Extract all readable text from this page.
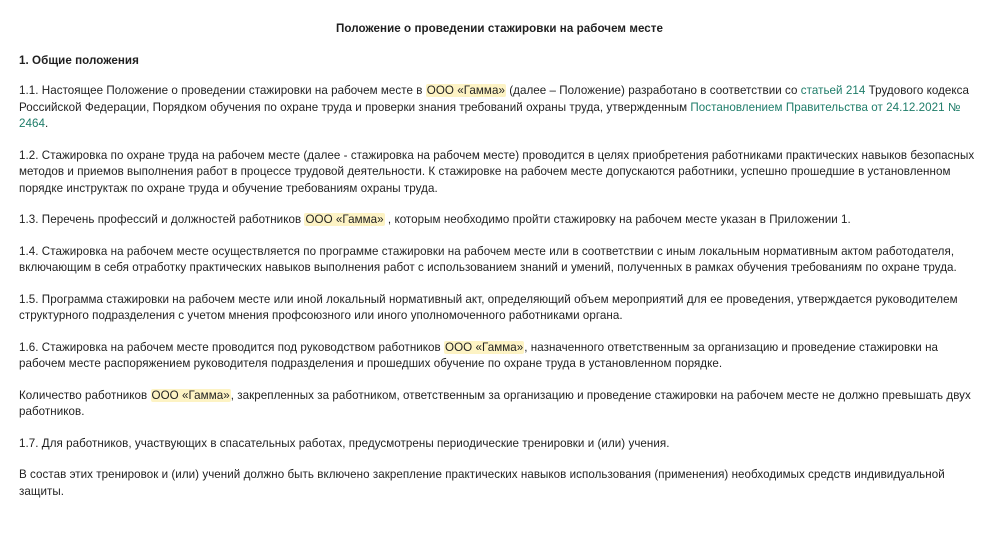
Положение о проведении стажировки на рабочем месте
1. Общие положения
1.1. Настоящее Положение о проведении стажировки на рабочем месте в ООО «Гамма» (далее – Положение) разработано в соответствии со статьей 214 Трудового кодекса Российской Федерации, Порядком обучения по охране труда и проверки знания требований охраны труда, утвержденным Постановлением Правительства от 24.12.2021 № 2464.
1.2. Стажировка по охране труда на рабочем месте (далее - стажировка на рабочем месте) проводится в целях приобретения работниками практических навыков безопасных методов и приемов выполнения работ в процессе трудовой деятельности. К стажировке на рабочем месте допускаются работники, успешно прошедшие в установленном порядке инструктаж по охране труда и обучение требованиям охраны труда.
1.3. Перечень профессий и должностей работников ООО «Гамма» , которым необходимо пройти стажировку на рабочем месте указан в Приложении 1.
1.4. Стажировка на рабочем месте осуществляется по программе стажировки на рабочем месте или в соответствии с иным локальным нормативным актом работодателя, включающим в себя отработку практических навыков выполнения работ с использованием знаний и умений, полученных в рамках обучения требованиям по охране труда.
1.5. Программа стажировки на рабочем месте или иной локальный нормативный акт, определяющий объем мероприятий для ее проведения, утверждается руководителем структурного подразделения с учетом мнения профсоюзного или иного уполномоченного работниками органа.
1.6. Стажировка на рабочем месте проводится под руководством работников ООО «Гамма», назначенного ответственным за организацию и проведение стажировки на рабочем месте распоряжением руководителя подразделения и прошедших обучение по охране труда в установленном порядке.
Количество работников ООО «Гамма», закрепленных за работником, ответственным за организацию и проведение стажировки на рабочем месте не должно превышать двух работников.
1.7. Для работников, участвующих в спасательных работах, предусмотрены периодические тренировки и (или) учения.
В состав этих тренировок и (или) учений должно быть включено закрепление практических навыков использования (применения) необходимых средств индивидуальной защиты.
